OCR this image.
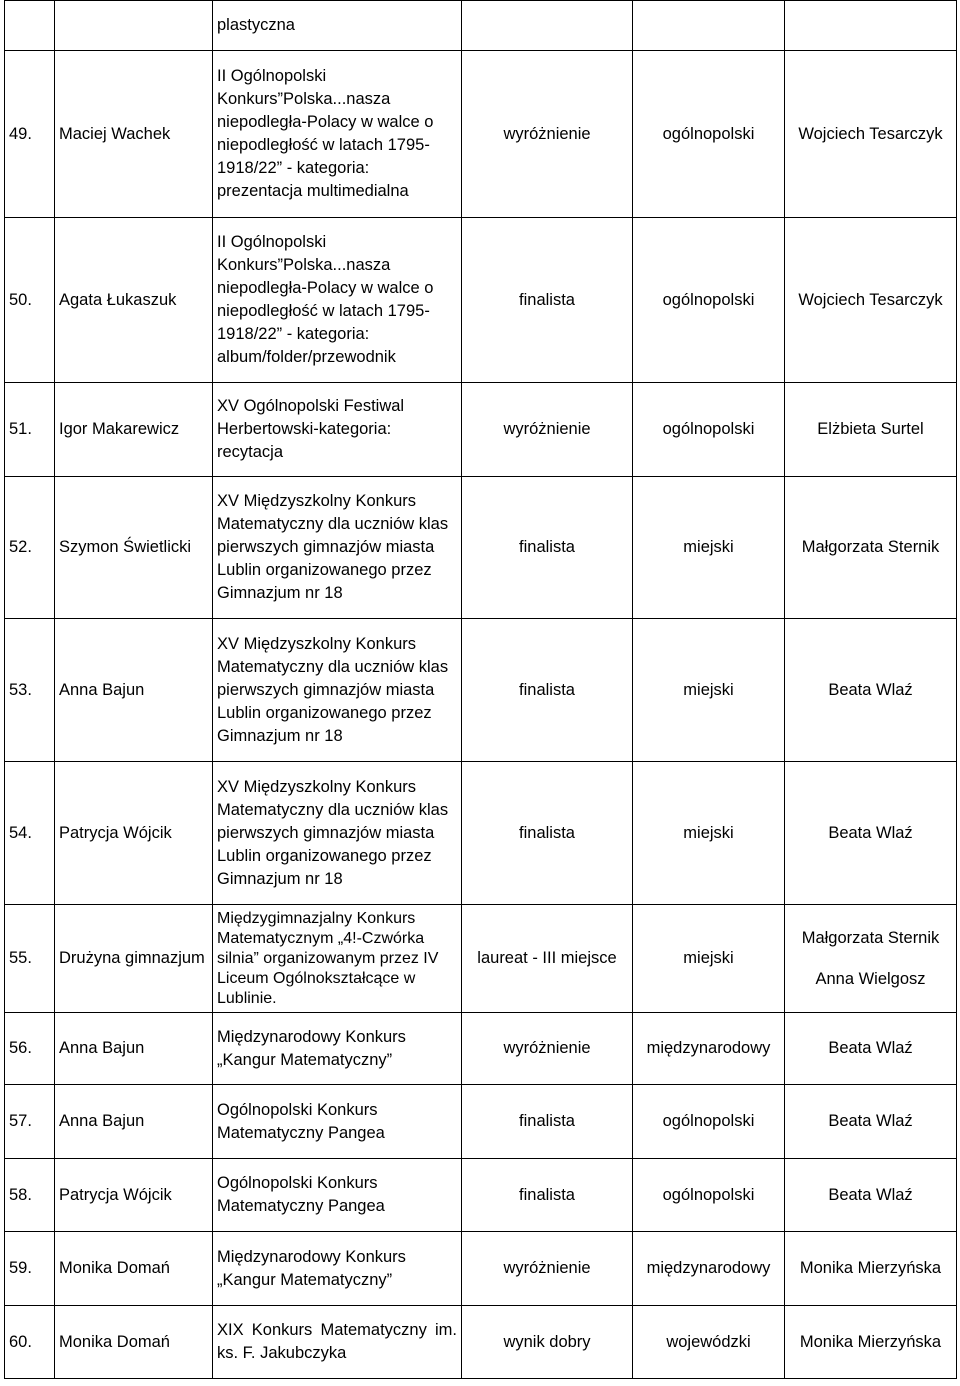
		plastyczna			

49.	Maciej Wachek	II Ogólnopolski Konkurs”Polska...nasza niepodległa-Polacy w walce o niepodległość w latach 1795-1918/22” - kategoria: prezentacja multimedialna	wyróżnienie	ogólnopolski	Wojciech Tesarczyk

50.	Agata Łukaszuk	II Ogólnopolski Konkurs”Polska...nasza niepodległa-Polacy w walce o niepodległość w latach 1795-1918/22” - kategoria: album/folder/przewodnik	finalista	ogólnopolski	Wojciech Tesarczyk

51.	Igor Makarewicz	XV Ogólnopolski Festiwal Herbertowski-kategoria: recytacja	wyróżnienie	ogólnopolski	Elżbieta Surtel

52.	Szymon Świetlicki	XV Międzyszkolny Konkurs Matematyczny dla uczniów klas pierwszych gimnazjów miasta Lublin organizowanego przez Gimnazjum nr 18	finalista	miejski	Małgorzata Sternik

53.	Anna Bajun	XV Międzyszkolny Konkurs Matematyczny dla uczniów klas pierwszych gimnazjów miasta Lublin organizowanego przez Gimnazjum nr 18	finalista	miejski	Beata Wlaź

54.	Patrycja Wójcik	XV Międzyszkolny Konkurs Matematyczny dla uczniów klas pierwszych gimnazjów miasta Lublin organizowanego przez Gimnazjum nr 18	finalista	miejski	Beata Wlaź

55.	Drużyna gimnazjum	Międzygimnazjalny Konkurs Matematycznym „4!-Czwórka silnia” organizowanym przez IV Liceum Ogólnokształcące w Lublinie.	laureat - III miejsce	miejski	Małgorzata Sternik
Anna Wielgosz

56.	Anna Bajun	Międzynarodowy Konkurs „Kangur Matematyczny”	wyróżnienie	międzynarodowy	Beata Wlaź

57.	Anna Bajun	Ogólnopolski Konkurs Matematyczny Pangea	finalista	ogólnopolski	Beata Wlaź

58.	Patrycja Wójcik	Ogólnopolski Konkurs Matematyczny Pangea	finalista	ogólnopolski	Beata Wlaź

59.	Monika Domań	Międzynarodowy Konkurs „Kangur Matematyczny”	wyróżnienie	międzynarodowy	Monika Mierzyńska

60.	Monika Domań	XIX Konkurs Matematyczny im. ks. F. Jakubczyka	wynik dobry	wojewódzki	Monika Mierzyńska
